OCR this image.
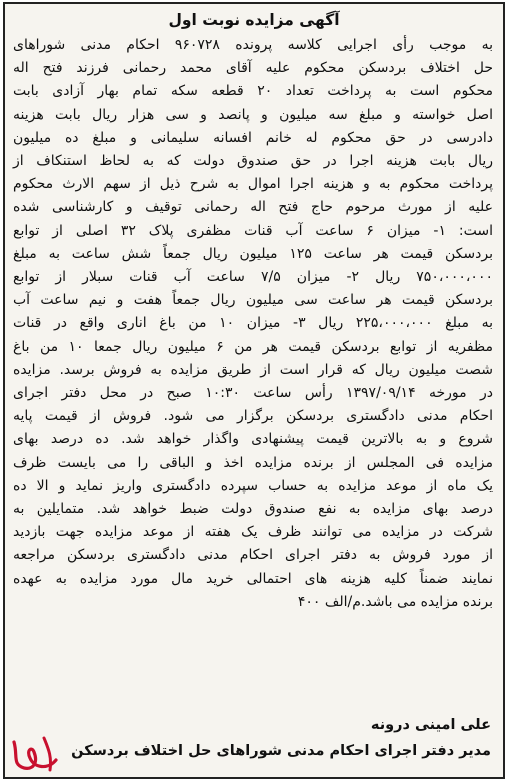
آگهی مزایده نوبت اول

به موجب رأی اجرایی کلاسه پرونده ۹۶۰۷۲۸ احکام مدنی شوراهای

حل اختلاف بردسکن محکوم علیه آقای محمد رحمانی فرزند فتح اله

محکوم است به پرداخت تعداد ۲۰ قطعه سکه تمام بهار آزادی بابت

اصل خواسته و مبلغ سه میلیون و پانصد و سی هزار ریال بابت هزینه

دادرسی در حق محکوم له خانم افسانه سلیمانی و مبلغ ده میلیون

ریال بابت هزینه اجرا در حق صندوق دولت که به لحاظ استنکاف از

پرداخت محکوم به و هزینه اجرا اموال به شرح ذیل از سهم الارث محکوم

علیه از مورث مرحوم حاج فتح اله رحمانی توقیف و کارشناسی شده

است: ۱- میزان ۶ ساعت آب قنات مظفری پلاک ۳۲ اصلی از توابع

بردسکن قیمت هر ساعت ۱۲۵ میلیون ریال جمعاً شش ساعت به مبلغ

۷۵۰،۰۰۰،۰۰۰ ریال ۲- میزان ۷/۵ ساعت آب قنات سبلار از توابع

بردسکن قیمت هر ساعت سی میلیون ریال جمعاً هفت و نیم ساعت آب

به مبلغ ۲۲۵،۰۰۰،۰۰۰ ریال ۳- میزان ۱۰ من باغ اناری واقع در قنات

مظفریه از توابع بردسکن قیمت هر من ۶ میلیون ریال جمعا ۱۰ من باغ

شصت میلیون ریال که قرار است از طریق مزایده به فروش برسد. مزایده

در مورخه ۱۳۹۷/۰۹/۱۴ رأس ساعت ۱۰:۳۰ صبح در محل دفتر اجرای

احکام مدنی دادگستری بردسکن برگزار می شود. فروش از قیمت پایه

شروع و به بالاترین قیمت پیشنهادی واگذار خواهد شد. ده درصد بهای

مزایده فی المجلس از برنده مزایده اخذ و الباقی را می بایست ظرف

یک ماه از موعد مزایده به حساب سپرده دادگستری واریز نماید و الا ده

درصد بهای مزایده به نفع صندوق دولت ضبط خواهد شد. متمایلین به

شرکت در مزایده می توانند ظرف یک هفته از موعد مزایده جهت بازدید

از مورد فروش به دفتر اجرای احکام مدنی دادگستری بردسکن مراجعه

نمایند ضمناً کلیه هزینه های احتمالی خرید مال مورد مزایده به عهده

برنده مزایده می باشد.م/الف ۴۰۰

علی امینی درونه
مدیر دفتر اجرای احکام مدنی شوراهای حل اختلاف بردسکن
